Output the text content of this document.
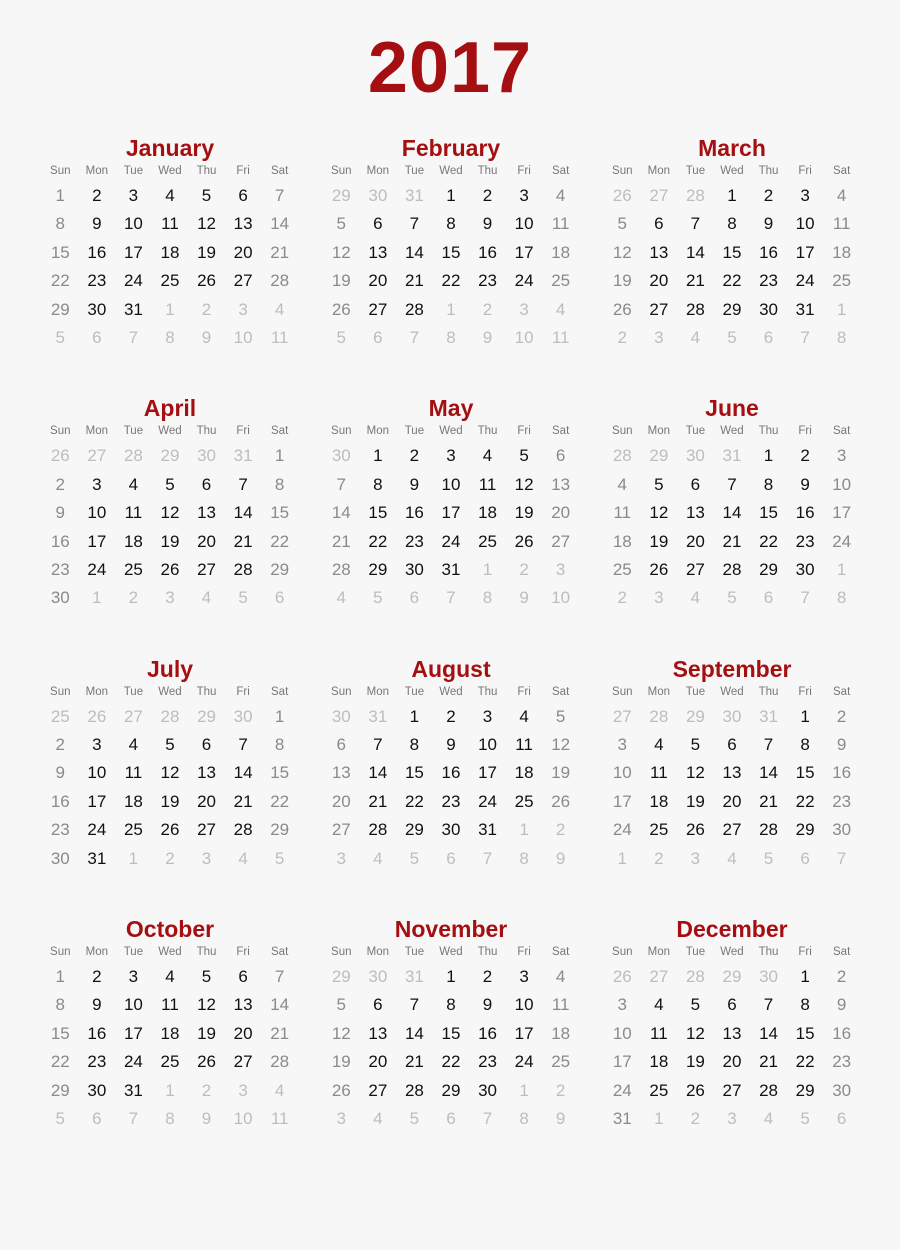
2017
January
Sun	Mon	Tue	Wed	Thu	Fri	Sat
1	2	3	4	5	6	7
8	9	10	11	12	13	14
15	16	17	18	19	20	21
22	23	24	25	26	27	28
29	30	31	1	2	3	4
5	6	7	8	9	10	11
February
Sun	Mon	Tue	Wed	Thu	Fri	Sat
29	30	31	1	2	3	4
5	6	7	8	9	10	11
12	13	14	15	16	17	18
19	20	21	22	23	24	25
26	27	28	1	2	3	4
5	6	7	8	9	10	11
March
Sun	Mon	Tue	Wed	Thu	Fri	Sat
26	27	28	1	2	3	4
5	6	7	8	9	10	11
12	13	14	15	16	17	18
19	20	21	22	23	24	25
26	27	28	29	30	31	1
2	3	4	5	6	7	8
April
Sun	Mon	Tue	Wed	Thu	Fri	Sat
26	27	28	29	30	31	1
2	3	4	5	6	7	8
9	10	11	12	13	14	15
16	17	18	19	20	21	22
23	24	25	26	27	28	29
30	1	2	3	4	5	6
May
Sun	Mon	Tue	Wed	Thu	Fri	Sat
30	1	2	3	4	5	6
7	8	9	10	11	12	13
14	15	16	17	18	19	20
21	22	23	24	25	26	27
28	29	30	31	1	2	3
4	5	6	7	8	9	10
June
Sun	Mon	Tue	Wed	Thu	Fri	Sat
28	29	30	31	1	2	3
4	5	6	7	8	9	10
11	12	13	14	15	16	17
18	19	20	21	22	23	24
25	26	27	28	29	30	1
2	3	4	5	6	7	8
July
Sun	Mon	Tue	Wed	Thu	Fri	Sat
25	26	27	28	29	30	1
2	3	4	5	6	7	8
9	10	11	12	13	14	15
16	17	18	19	20	21	22
23	24	25	26	27	28	29
30	31	1	2	3	4	5
August
Sun	Mon	Tue	Wed	Thu	Fri	Sat
30	31	1	2	3	4	5
6	7	8	9	10	11	12
13	14	15	16	17	18	19
20	21	22	23	24	25	26
27	28	29	30	31	1	2
3	4	5	6	7	8	9
September
Sun	Mon	Tue	Wed	Thu	Fri	Sat
27	28	29	30	31	1	2
3	4	5	6	7	8	9
10	11	12	13	14	15	16
17	18	19	20	21	22	23
24	25	26	27	28	29	30
1	2	3	4	5	6	7
October
Sun	Mon	Tue	Wed	Thu	Fri	Sat
1	2	3	4	5	6	7
8	9	10	11	12	13	14
15	16	17	18	19	20	21
22	23	24	25	26	27	28
29	30	31	1	2	3	4
5	6	7	8	9	10	11
November
Sun	Mon	Tue	Wed	Thu	Fri	Sat
29	30	31	1	2	3	4
5	6	7	8	9	10	11
12	13	14	15	16	17	18
19	20	21	22	23	24	25
26	27	28	29	30	1	2
3	4	5	6	7	8	9
December
Sun	Mon	Tue	Wed	Thu	Fri	Sat
26	27	28	29	30	1	2
3	4	5	6	7	8	9
10	11	12	13	14	15	16
17	18	19	20	21	22	23
24	25	26	27	28	29	30
31	1	2	3	4	5	6
